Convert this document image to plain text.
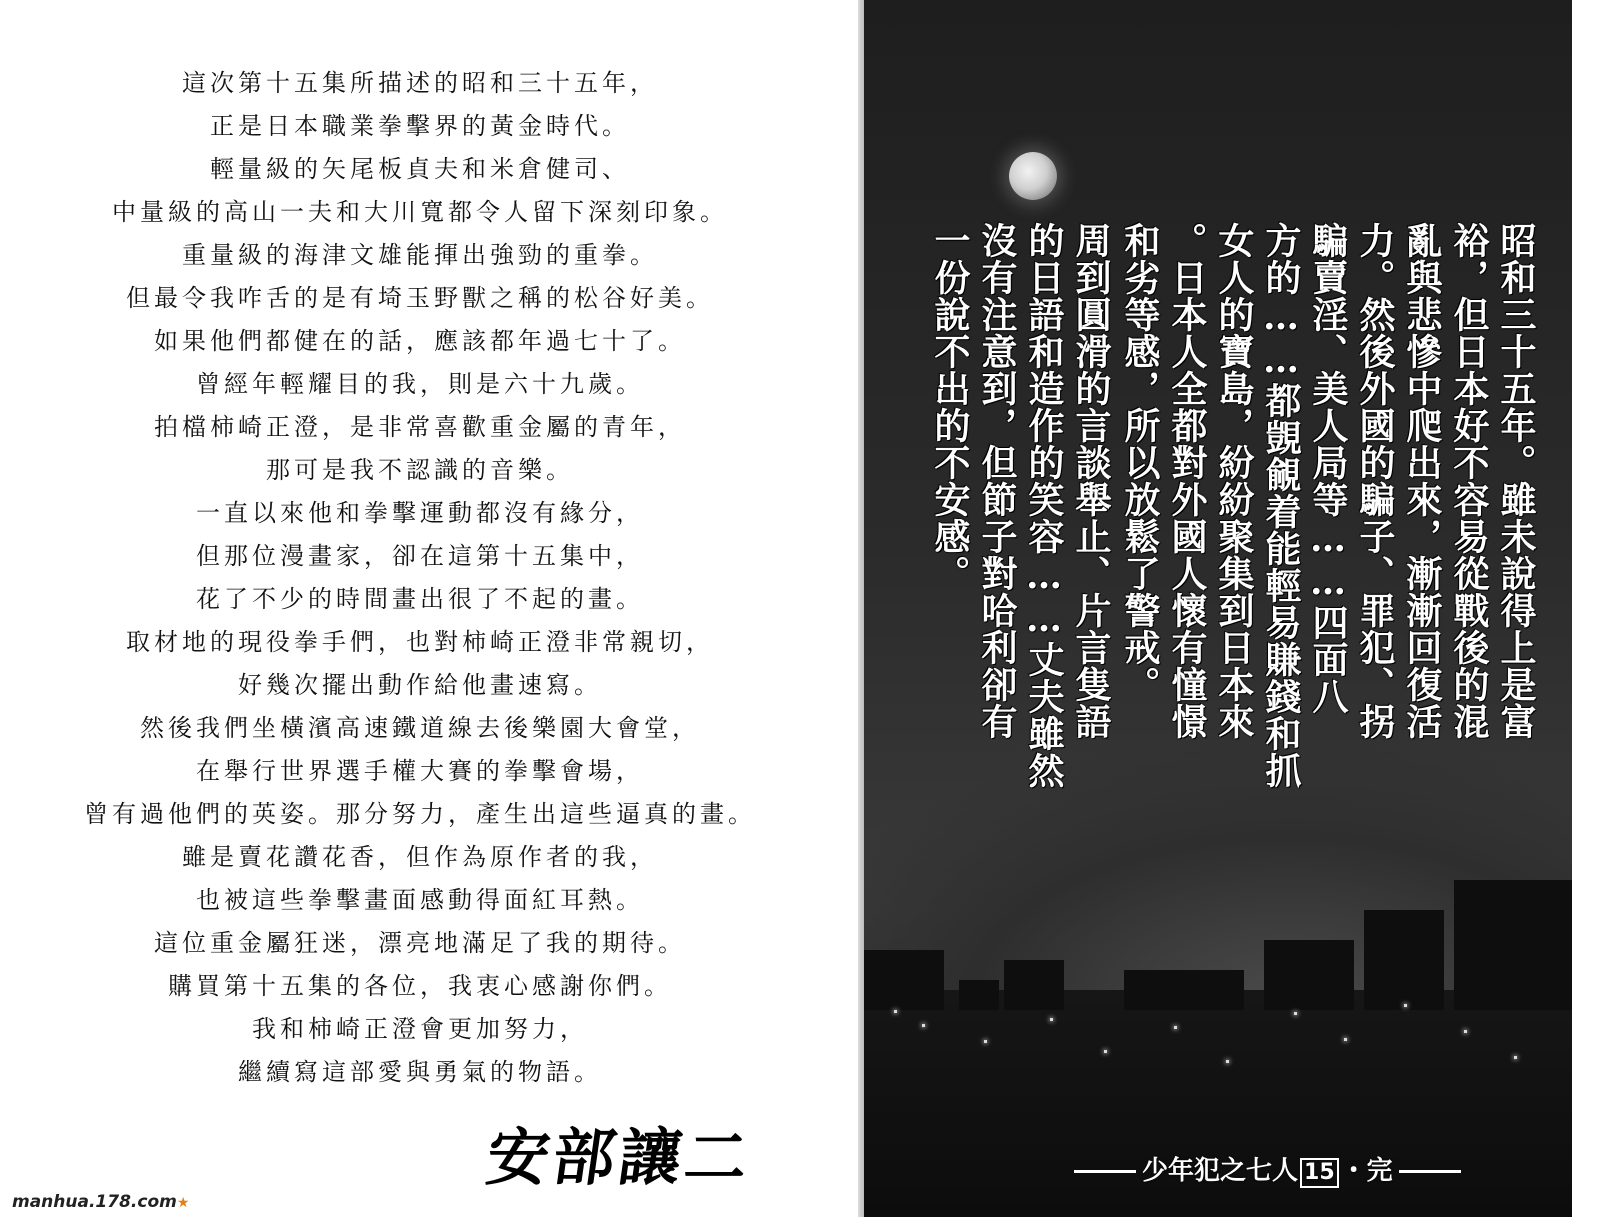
這次第十五集所描述的昭和三十五年，
正是日本職業拳擊界的黃金時代。
輕量級的矢尾板貞夫和米倉健司、
中量級的高山一夫和大川寬都令人留下深刻印象。
重量級的海津文雄能揮出強勁的重拳。
但最令我咋舌的是有埼玉野獸之稱的松谷好美。
如果他們都健在的話，應該都年過七十了。
曾經年輕耀目的我，則是六十九歲。
拍檔柿崎正澄，是非常喜歡重金屬的青年，
那可是我不認識的音樂。
一直以來他和拳擊運動都沒有緣分，
但那位漫畫家，卻在這第十五集中，
花了不少的時間畫出很了不起的畫。
取材地的現役拳手們，也對柿崎正澄非常親切，
好幾次擺出動作給他畫速寫。
然後我們坐橫濱高速鐵道線去後樂園大會堂，
在舉行世界選手權大賽的拳擊會場，
曾有過他們的英姿。那分努力，產生出這些逼真的畫。
雖是賣花讚花香，但作為原作者的我，
也被這些拳擊畫面感動得面紅耳熱。
這位重金屬狂迷，漂亮地滿足了我的期待。
購買第十五集的各位，我衷心感謝你們。
我和柿崎正澄會更加努力，
繼續寫這部愛與勇氣的物語。
安部讓二
manhua.178.com★
昭和三十五年。雖未說得上是富
裕，但日本好不容易從戰後的混
亂與悲慘中爬出來，漸漸回復活
力。然後外國的騙子、罪犯、拐
騙賣淫、美人局等……四面八
方的……都覬覦着能輕易賺錢和抓
女人的寶島，紛紛聚集到日本來
。日本人全都對外國人懷有憧憬
和劣等感，所以放鬆了警戒。
周到圓滑的言談舉止、片言隻語
的日語和造作的笑容……丈夫雖然
沒有注意到，但節子對哈利卻有
一份說不出的不安感。
少年犯之七人 15 ・完
